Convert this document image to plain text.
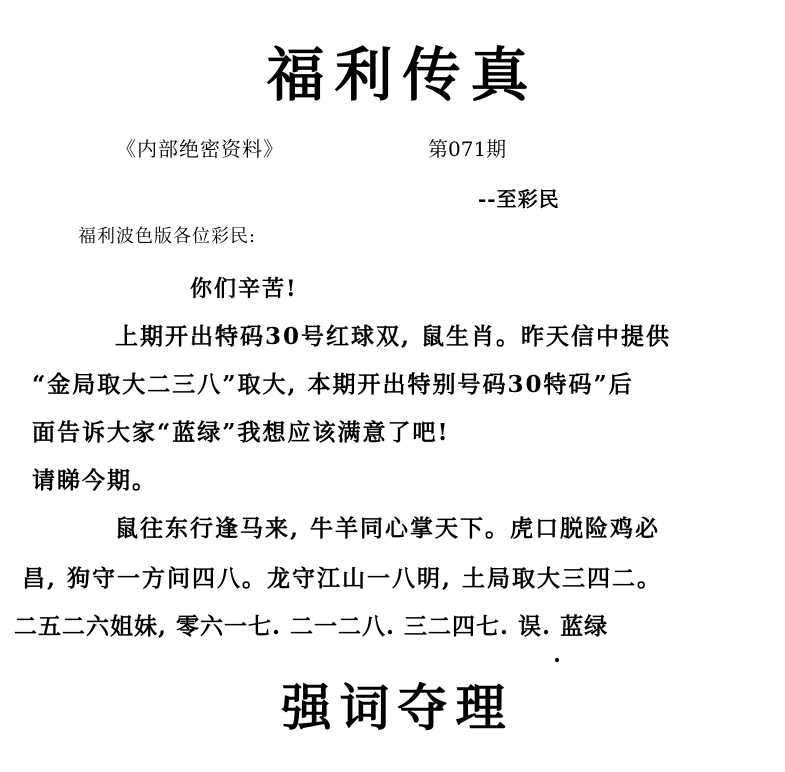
福利传真
《内部绝密资料》	第071期
--至彩民
福利波色版各位彩民:
你们辛苦!
上期开出特码30号红球双, 鼠生肖。昨天信中提供
“金局取大二三八”取大, 本期开出特别号码30特码”后
面告诉大家“蓝绿”我想应该满意了吧!
请睇今期。
鼠往东行逢马来, 牛羊同心掌天下。虎口脱险鸡必
昌, 狗守一方问四八。龙守江山一八明, 土局取大三四二。
二五二六姐妹, 零六一七. 二一二八. 三二四七. 误. 蓝绿
强词夺理
